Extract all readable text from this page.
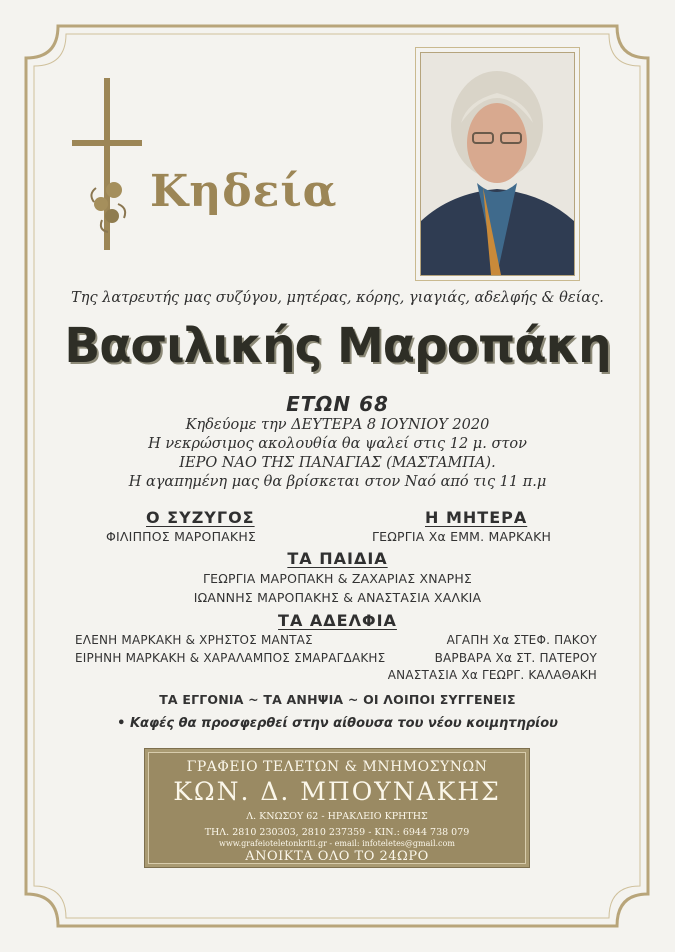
Κηδεία
Της λατρευτής μας συζύγου, μητέρας, κόρης, γιαγιάς, αδελφής & θείας.
Βασιλικής Μαροπάκη
ΕΤΩΝ 68
Κηδεύομε την ΔΕΥΤΕΡΑ 8 ΙΟΥΝΙΟΥ 2020
Η νεκρώσιμος ακολουθία θα ψαλεί στις 12 μ. στον
ΙΕΡΟ ΝΑΟ ΤΗΣ ΠΑΝΑΓΙΑΣ (ΜΑΣΤΑΜΠΑ).
Η αγαπημένη μας θα βρίσκεται στον Ναό από τις 11 π.μ
Ο ΣΥΖΥΓΟΣ
ΦΙΛΙΠΠΟΣ ΜΑΡΟΠΑΚΗΣ
Η ΜΗΤΕΡΑ
ΓΕΩΡΓΙΑ Χα ΕΜΜ. ΜΑΡΚΑΚΗ
ΤΑ ΠΑΙΔΙΑ
ΓΕΩΡΓΙΑ ΜΑΡΟΠΑΚΗ & ΖΑΧΑΡΙΑΣ ΧΝΑΡΗΣ
ΙΩΑΝΝΗΣ ΜΑΡΟΠΑΚΗΣ & ΑΝΑΣΤΑΣΙΑ ΧΑΛΚΙΑ
ΤΑ ΑΔΕΛΦΙΑ
ΕΛΕΝΗ ΜΑΡΚΑΚΗ & ΧΡΗΣΤΟΣ ΜΑΝΤΑΣ
ΕΙΡΗΝΗ ΜΑΡΚΑΚΗ & ΧΑΡΑΛΑΜΠΟΣ ΣΜΑΡΑΓΔΑΚΗΣ
ΑΓΑΠΗ Χα ΣΤΕΦ. ΠΑΚΟΥ
ΒΑΡΒΑΡΑ Χα ΣΤ. ΠΑΤΕΡΟΥ
ΑΝΑΣΤΑΣΙΑ Χα ΓΕΩΡΓ. ΚΑΛΑΘΑΚΗ
ΤΑ ΕΓΓΟΝΙΑ ~ ΤΑ ΑΝΗΨΙΑ ~ ΟΙ ΛΟΙΠΟΙ ΣΥΓΓΕΝΕΙΣ
• Καφές θα προσφερθεί στην αίθουσα του νέου κοιμητηρίου
ΓΡΑΦΕΙΟ ΤΕΛΕΤΩΝ & ΜΝΗΜΟΣΥΝΩΝ
ΚΩΝ. Δ. ΜΠΟΥΝΑΚΗΣ
Λ. ΚΝΩΣΟΥ 62 - ΗΡΑΚΛΕΙΟ ΚΡΗΤΗΣ
ΤΗΛ. 2810 230303, 2810 237359 - ΚΙΝ.: 6944 738 079
www.grafeioteletonkriti.gr - email: infoteletes@gmail.com
ΑΝΟΙΚΤΑ ΟΛΟ ΤΟ 24ΩΡΟ
